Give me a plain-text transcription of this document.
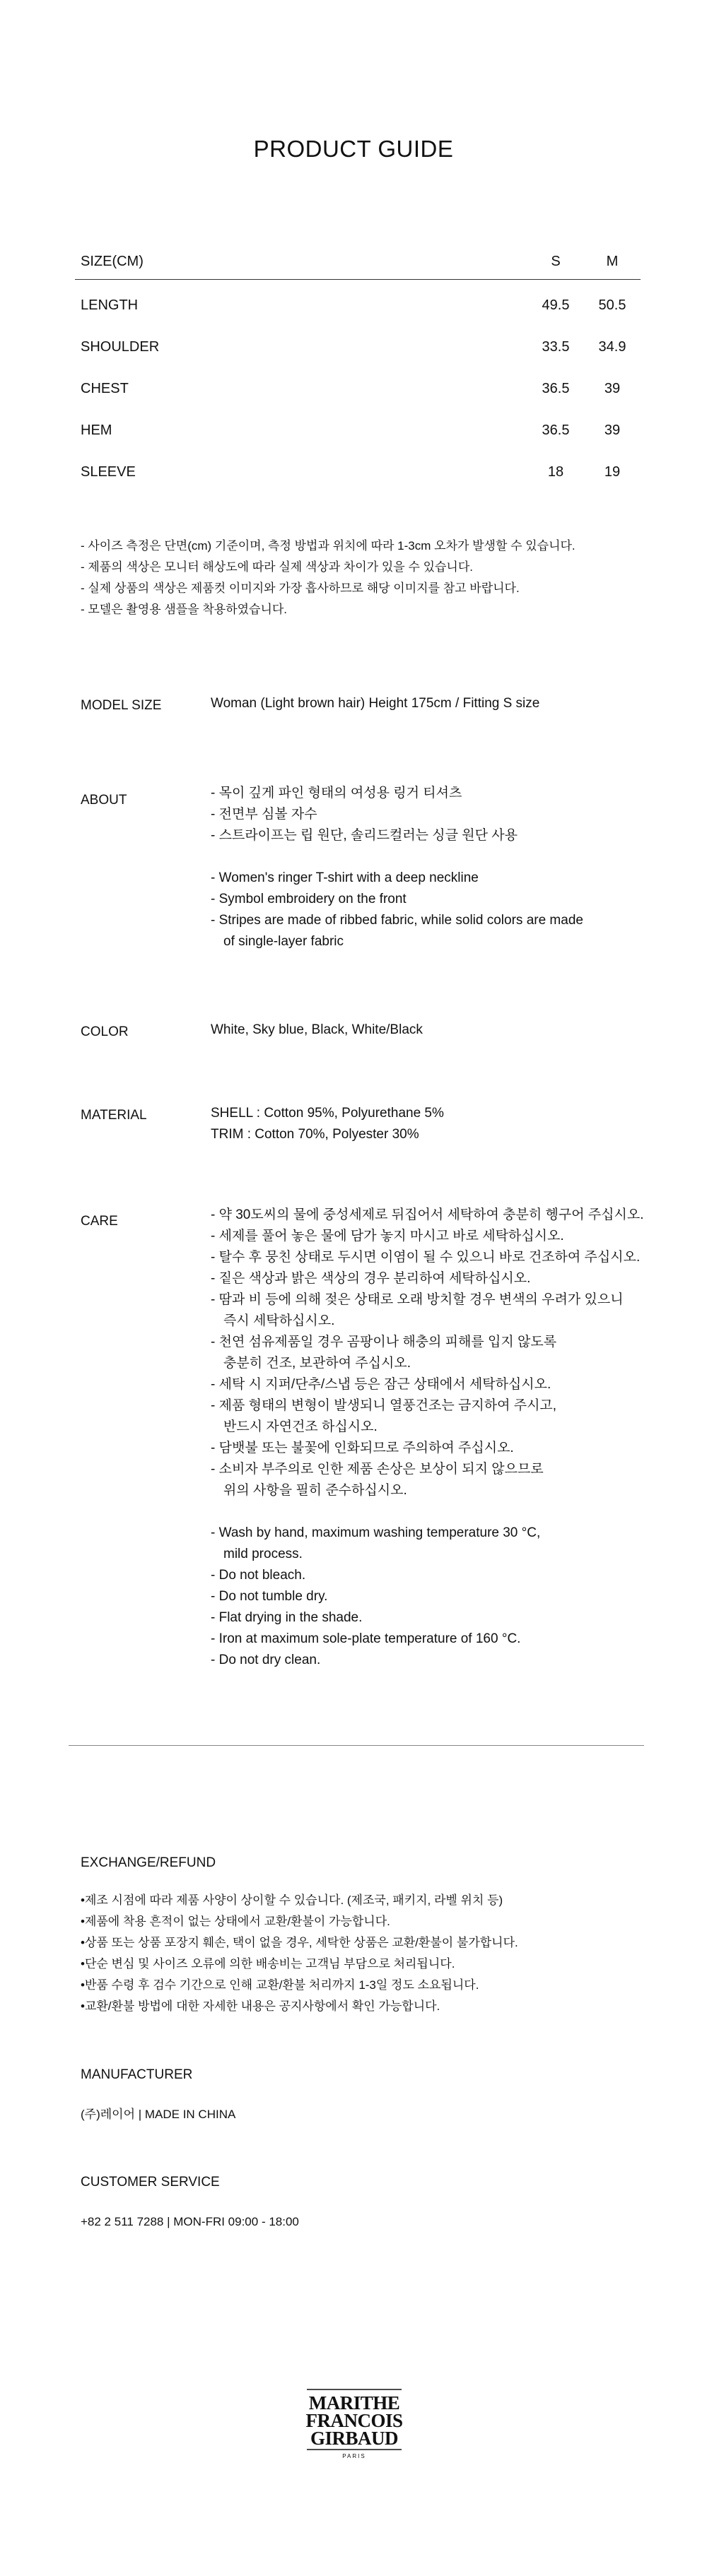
PRODUCT GUIDE
SIZE(CM)	S	M
LENGTH	49.5	50.5
SHOULDER	33.5	34.9
CHEST	36.5	39
HEM	36.5	39
SLEEVE	18	19
- 사이즈 측정은 단면(cm) 기준이며, 측정 방법과 위치에 따라 1-3cm 오차가 발생할 수 있습니다.
- 제품의 색상은 모니터 해상도에 따라 실제 색상과 차이가 있을 수 있습니다.
- 실제 상품의 색상은 제품컷 이미지와 가장 흡사하므로 해당 이미지를 참고 바랍니다.
- 모델은 촬영용 샘플을 착용하였습니다.
MODEL SIZE	Woman (Light brown hair) Height 175cm / Fitting S size
ABOUT	- 목이 깊게 파인 형태의 여성용 링거 티셔츠
- 전면부 심볼 자수
- 스트라이프는 립 원단, 솔리드컬러는 싱글 원단 사용
- Women's ringer T-shirt with a deep neckline
- Symbol embroidery on the front
- Stripes are made of ribbed fabric, while solid colors are made
of single-layer fabric
COLOR	White, Sky blue, Black, White/Black
MATERIAL	SHELL : Cotton 95%, Polyurethane 5%
TRIM : Cotton 70%, Polyester 30%
CARE	- 약 30도씨의 물에 중성세제로 뒤집어서 세탁하여 충분히 헹구어 주십시오.
- 세제를 풀어 놓은 물에 담가 놓지 마시고 바로 세탁하십시오.
- 탈수 후 뭉친 상태로 두시면 이염이 될 수 있으니 바로 건조하여 주십시오.
- 짙은 색상과 밝은 색상의 경우 분리하여 세탁하십시오.
- 땀과 비 등에 의해 젖은 상태로 오래 방치할 경우 변색의 우려가 있으니
즉시 세탁하십시오.
- 천연 섬유제품일 경우 곰팡이나 해충의 피해를 입지 않도록
충분히 건조, 보관하여 주십시오.
- 세탁 시 지퍼/단추/스냅 등은 잠근 상태에서 세탁하십시오.
- 제품 형태의 변형이 발생되니 열풍건조는 금지하여 주시고,
반드시 자연건조 하십시오.
- 담뱃불 또는 불꽃에 인화되므로 주의하여 주십시오.
- 소비자 부주의로 인한 제품 손상은 보상이 되지 않으므로
위의 사항을 필히 준수하십시오.
- Wash by hand, maximum washing temperature 30 °C,
mild process.
- Do not bleach.
- Do not tumble dry.
- Flat drying in the shade.
- Iron at maximum sole-plate temperature of 160 °C.
- Do not dry clean.
EXCHANGE/REFUND
•제조 시점에 따라 제품 사양이 상이할 수 있습니다. (제조국, 패키지, 라벨 위치 등)
•제품에 착용 흔적이 없는 상태에서 교환/환불이 가능합니다.
•상품 또는 상품 포장지 훼손, 택이 없을 경우, 세탁한 상품은 교환/환불이 불가합니다.
•단순 변심 및 사이즈 오류에 의한 배송비는 고객님 부담으로 처리됩니다.
•반품 수령 후 검수 기간으로 인해 교환/환불 처리까지 1-3일 정도 소요됩니다.
•교환/환불 방법에 대한 자세한 내용은 공지사항에서 확인 가능합니다.
MANUFACTURER
(주)레이어 | MADE IN CHINA
CUSTOMER SERVICE
+82 2 511 7288 | MON-FRI 09:00 - 18:00
MARITHE
FRANCOIS
GIRBAUD
PARIS
